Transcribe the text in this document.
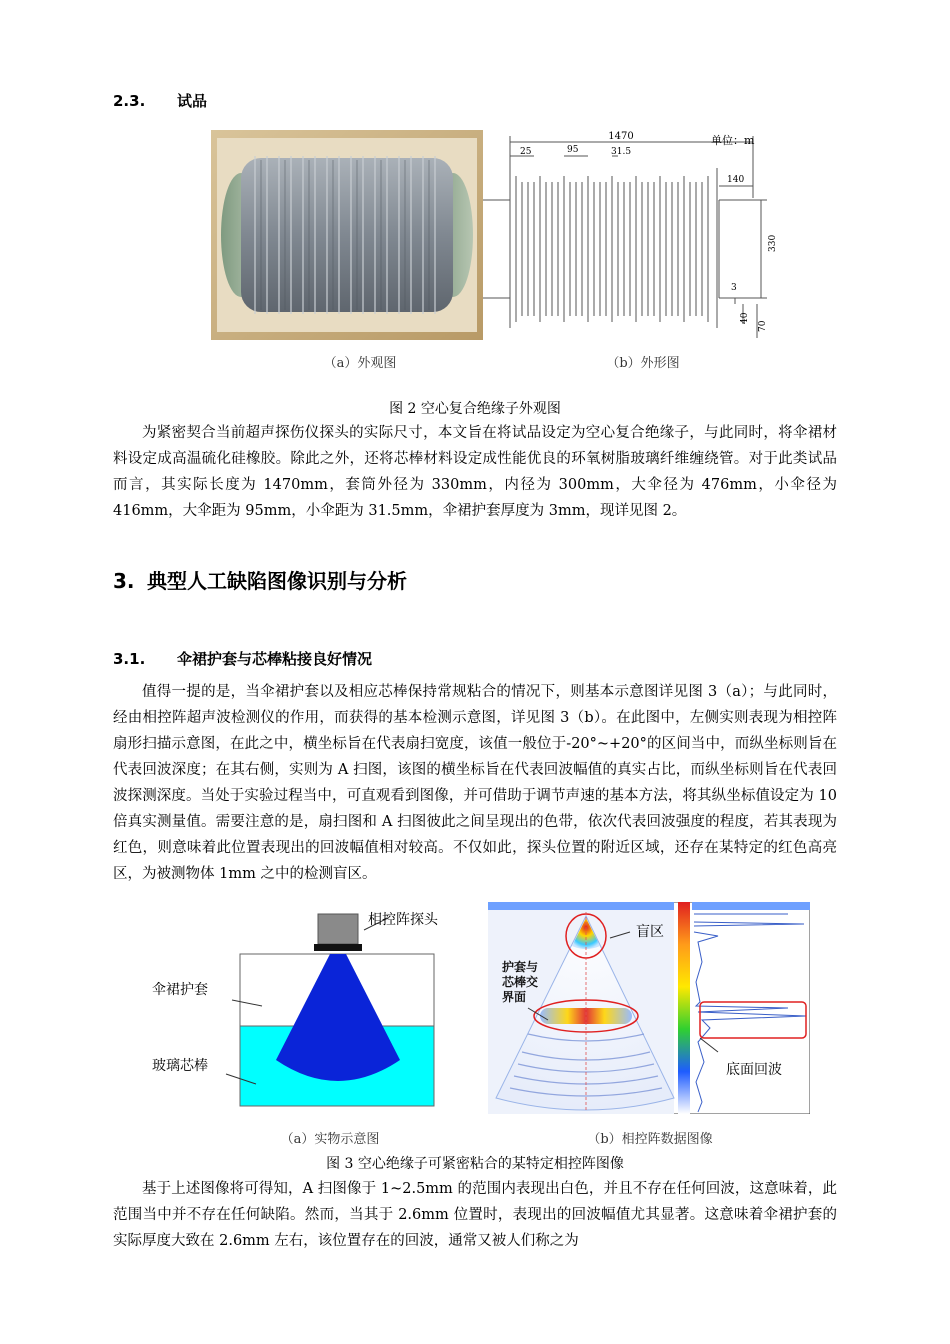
2.3. 试品
1470	单位：m
25	95	31.5
140
330
3
40
70
（a）外观图	（b）外形图
图 2 空心复合绝缘子外观图

为紧密契合当前超声探伤仪探头的实际尺寸，本文旨在将试品设定为空心复合绝缘子，与此同时，将伞裙材料设定成高温硫化硅橡胶。除此之外，还将芯棒材料设定成性能优良的环氧树脂玻璃纤维缠绕管。对于此类试品而言，其实际长度为 1470mm，套筒外径为 330mm，内径为 300mm，大伞径为 476mm，小伞径为 416mm，大伞距为 95mm，小伞距为 31.5mm，伞裙护套厚度为 3mm，现详见图 2。

3. 典型人工缺陷图像识别与分析
3.1. 伞裙护套与芯棒粘接良好情况

值得一提的是，当伞裙护套以及相应芯棒保持常规粘合的情况下，则基本示意图详见图 3（a）；与此同时，经由相控阵超声波检测仪的作用，而获得的基本检测示意图，详见图 3（b）。在此图中，左侧实则表现为相控阵扇形扫描示意图，在此之中，横坐标旨在代表扇扫宽度，该值一般位于-20°~+20°的区间当中，而纵坐标则旨在代表回波深度；在其右侧，实则为 A 扫图，该图的横坐标旨在代表回波幅值的真实占比，而纵坐标则旨在代表回波探测深度。当处于实验过程当中，可直观看到图像，并可借助于调节声速的基本方法，将其纵坐标值设定为 10 倍真实测量值。需要注意的是，扇扫图和 A 扫图彼此之间呈现出的色带，依次代表回波强度的程度，若其表现为红色，则意味着此位置表现出的回波幅值相对较高。不仅如此，探头位置的附近区域，还存在某特定的红色高亮区，为被测物体 1mm 之中的检测盲区。

相控阵探头
伞裙护套
玻璃芯棒
盲区
护套与芯棒交界面
底面回波
（a）实物示意图	（b）相控阵数据图像
图 3 空心绝缘子可紧密粘合的某特定相控阵图像

基于上述图像将可得知，A 扫图像于 1~2.5mm 的范围内表现出白色，并且不存在任何回波，这意味着，此范围当中并不存在任何缺陷。然而，当其于 2.6mm 位置时，表现出的回波幅值尤其显著。这意味着伞裙护套的实际厚度大致在 2.6mm 左右，该位置存在的回波，通常又被人们称之为
